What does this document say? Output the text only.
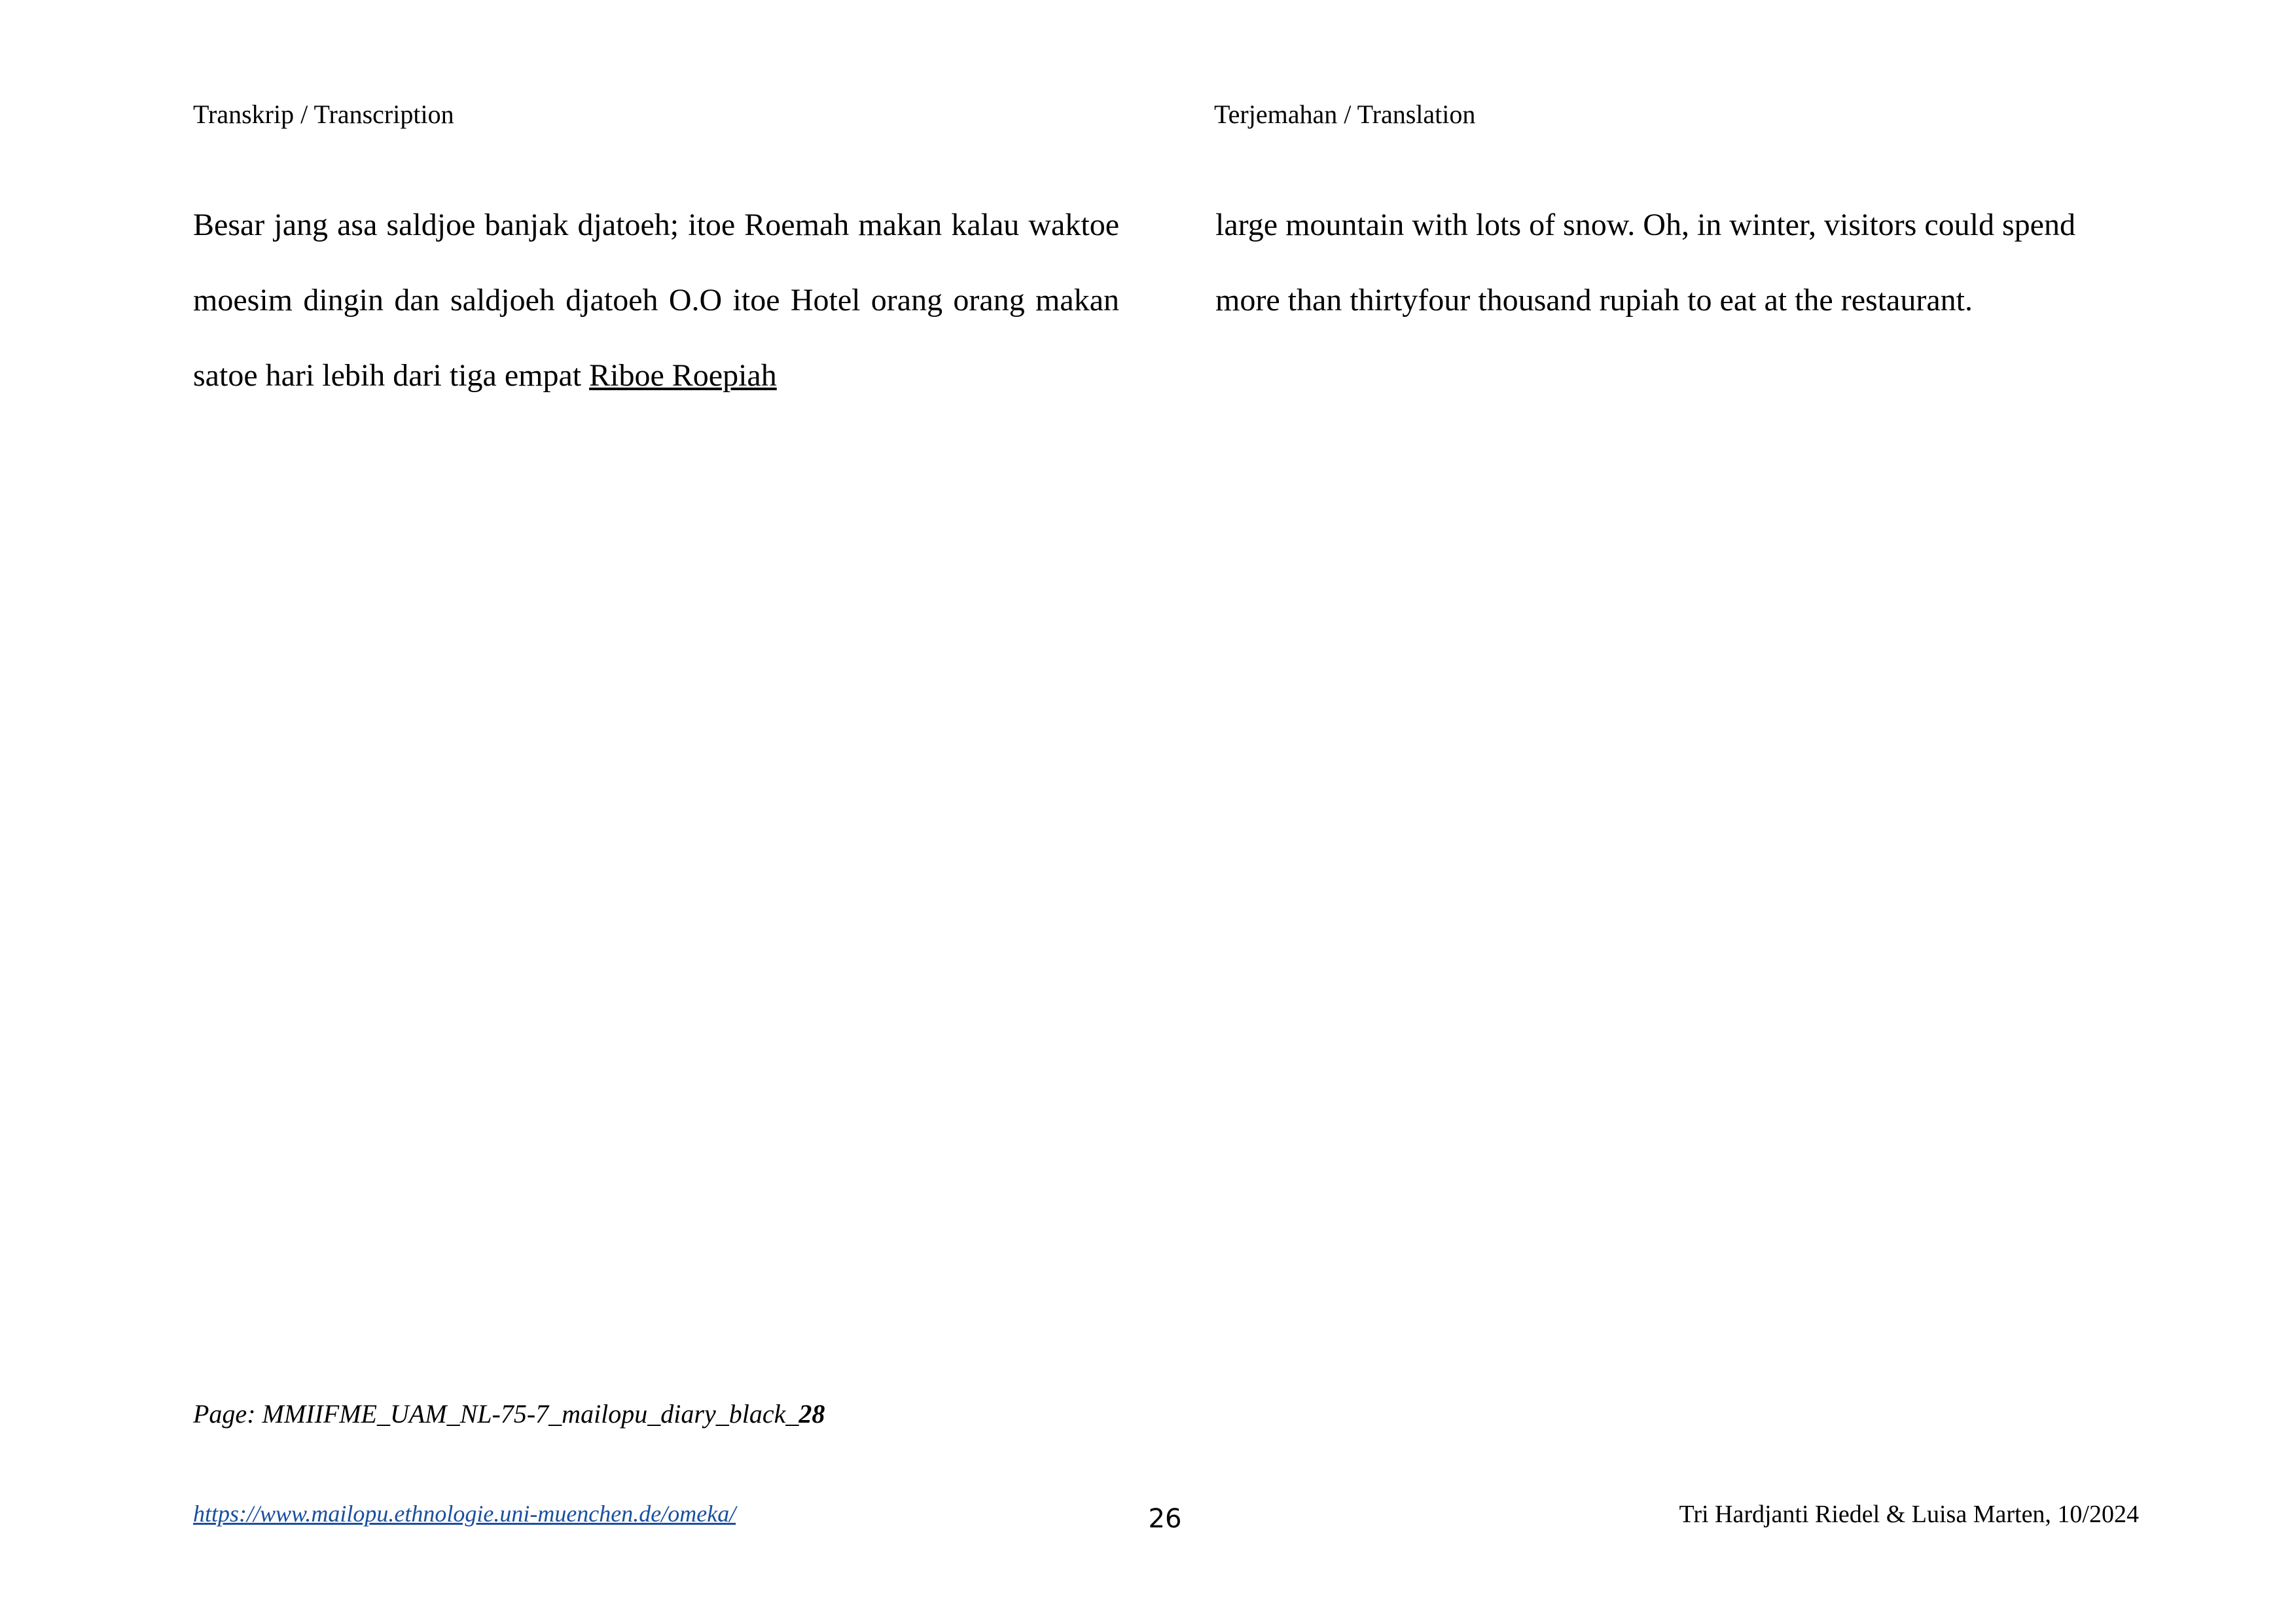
Transkrip / Transcription	Terjemahan / Translation
Besar jang asa saldjoe banjak djatoeh; itoe Roemah makan kalau waktoe moesim dingin dan saldjoeh djatoeh O.O itoe Hotel orang orang makan satoe hari lebih dari tiga empat Riboe Roepiah
large mountain with lots of snow. Oh, in winter, visitors could spend more than thirtyfour thousand rupiah to eat at the restaurant.
Page: MMIIFME_UAM_NL-75-7_mailopu_diary_black_28
https://www.mailopu.ethnologie.uni-muenchen.de/omeka/	26	Tri Hardjanti Riedel & Luisa Marten, 10/2024
